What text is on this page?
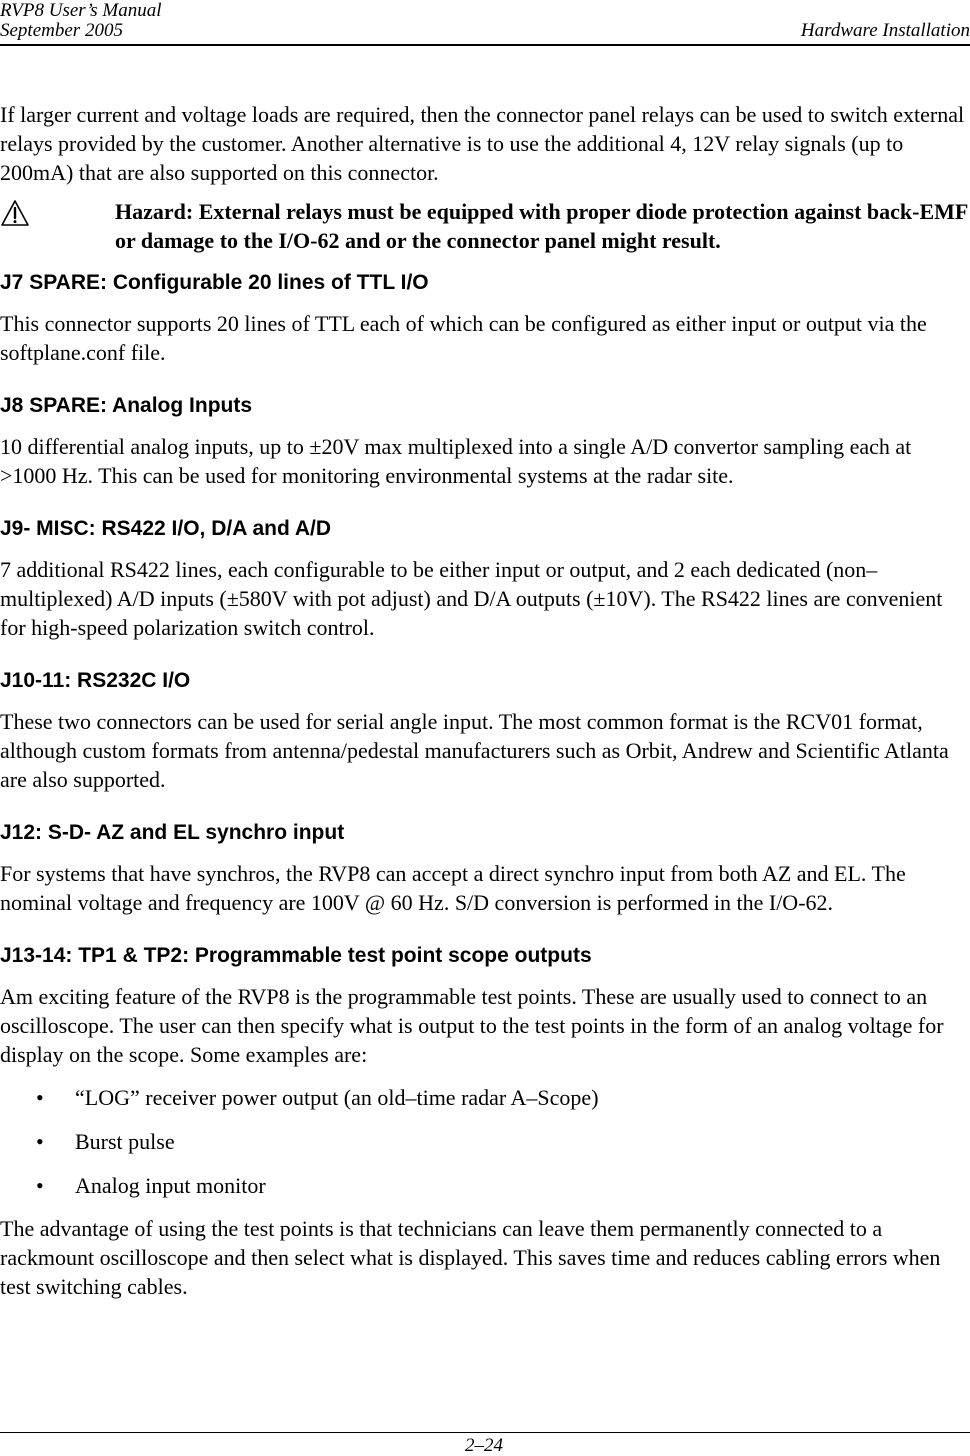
RVP8 User’s Manual
September 2005	Hardware Installation

If larger current and voltage loads are required, then the connector panel relays can be used to switch external relays provided by the customer. Another alternative is to use the additional 4, 12V relay signals (up to 200mA) that are also supported on this connector.

Hazard: External relays must be equipped with proper diode protection against back-EMF or damage to the I/O-62 and or the connector panel might result.
J7 SPARE: Configurable 20 lines of TTL I/O

This connector supports 20 lines of TTL each of which can be configured as either input or output via the softplane.conf file.

J8 SPARE: Analog Inputs

10 differential analog inputs, up to ±20V max multiplexed into a single A/D convertor sampling each at >1000 Hz. This can be used for monitoring environmental systems at the radar site.

J9- MISC: RS422 I/O, D/A and A/D

7 additional RS422 lines, each configurable to be either input or output, and 2 each dedicated (non–multiplexed) A/D inputs (±580V with pot adjust) and D/A outputs (±10V). The RS422 lines are convenient for high-speed polarization switch control.

J10-11: RS232C I/O

These two connectors can be used for serial angle input. The most common format is the RCV01 format, although custom formats from antenna/pedestal manufacturers such as Orbit, Andrew and Scientific Atlanta are also supported.

J12: S-D- AZ and EL synchro input

For systems that have synchros, the RVP8 can accept a direct synchro input from both AZ and EL. The nominal voltage and frequency are 100V @ 60 Hz. S/D conversion is performed in the I/O-62.

J13-14: TP1 & TP2: Programmable test point scope outputs

Am exciting feature of the RVP8 is the programmable test points. These are usually used to connect to an oscilloscope. The user can then specify what is output to the test points in the form of an analog voltage for display on the scope. Some examples are:

• “LOG” receiver power output (an old–time radar A–Scope)
• Burst pulse
• Analog input monitor

The advantage of using the test points is that technicians can leave them permanently connected to a rackmount oscilloscope and then select what is displayed. This saves time and reduces cabling errors when test switching cables.

2–24
